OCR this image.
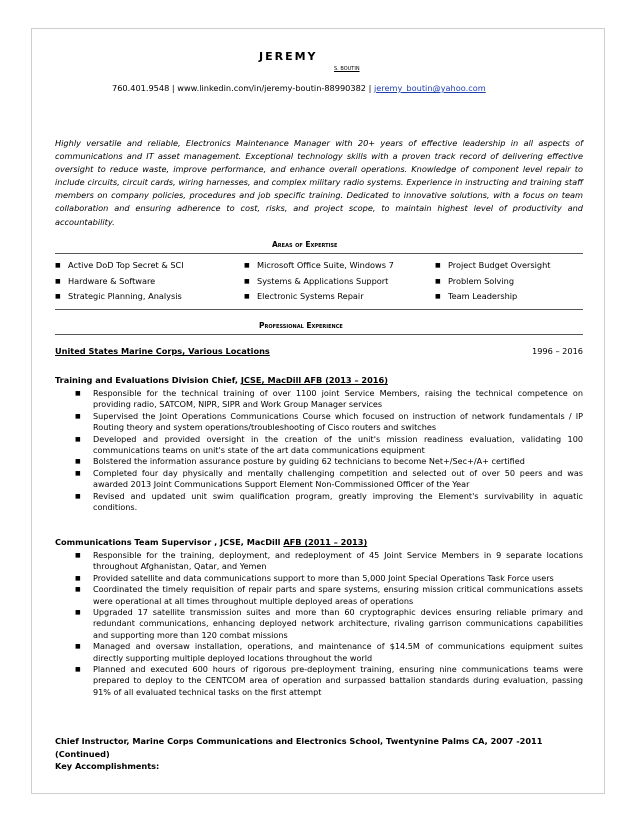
JEREMY
S. BOUTIN
760.401.9548 | www.linkedin.com/in/jeremy-boutin-88990382 | jeremy_boutin@yahoo.com
Highly versatile and reliable, Electronics Maintenance Manager with 20+ years of effective leadership in all aspects of communications and IT asset management. Exceptional technology skills with a proven track record of delivering effective oversight to reduce waste, improve performance, and enhance overall operations. Knowledge of component level repair to include circuits, circuit cards, wiring harnesses, and complex military radio systems. Experience in instructing and training staff members on company policies, procedures and job specific training. Dedicated to innovative solutions, with a focus on team collaboration and ensuring adherence to cost, risks, and project scope, to maintain highest level of productivity and accountability.
Areas of Expertise
■ Active DoD Top Secret & SCI
■ Hardware & Software
■ Strategic Planning, Analysis
■ Microsoft Office Suite, Windows 7
■ Systems & Applications Support
■ Electronic Systems Repair
■ Project Budget Oversight
■ Problem Solving
■ Team Leadership
Professional Experience
United States Marine Corps, Various Locations	1996 – 2016
Training and Evaluations Division Chief, JCSE, MacDill AFB (2013 – 2016)
■ Responsible for the technical training of over 1100 joint Service Members, raising the technical competence on providing radio, SATCOM, NIPR, SIPR and Work Group Manager services
■ Supervised the Joint Operations Communications Course which focused on instruction of network fundamentals / IP Routing theory and system operations/troubleshooting of Cisco routers and switches
■ Developed and provided oversight in the creation of the unit's mission readiness evaluation, validating 100 communications teams on unit's state of the art data communications equipment
■ Bolstered the information assurance posture by guiding 62 technicians to become Net+/Sec+/A+ certified
■ Completed four day physically and mentally challenging competition and selected out of over 50 peers and was awarded 2013 Joint Communications Support Element Non-Commissioned Officer of the Year
■ Revised and updated unit swim qualification program, greatly improving the Element's survivability in aquatic conditions.
Communications Team Supervisor , JCSE, MacDill AFB (2011 – 2013)
■ Responsible for the training, deployment, and redeployment of 45 Joint Service Members in 9 separate locations throughout Afghanistan, Qatar, and Yemen
■ Provided satellite and data communications support to more than 5,000 Joint Special Operations Task Force users
■ Coordinated the timely requisition of repair parts and spare systems, ensuring mission critical communications assets were operational at all times throughout multiple deployed areas of operations
■ Upgraded 17 satellite transmission suites and more than 60 cryptographic devices ensuring reliable primary and redundant communications, enhancing deployed network architecture, rivaling garrison communications capabilities and supporting more than 120 combat missions
■ Managed and oversaw installation, operations, and maintenance of $14.5M of communications equipment suites directly supporting multiple deployed locations throughout the world
■ Planned and executed 600 hours of rigorous pre-deployment training, ensuring nine communications teams were prepared to deploy to the CENTCOM area of operation and surpassed battalion standards during evaluation, passing 91% of all evaluated technical tasks on the first attempt
Chief Instructor, Marine Corps Communications and Electronics School, Twentynine Palms CA, 2007 -2011 (Continued)
Key Accomplishments:
